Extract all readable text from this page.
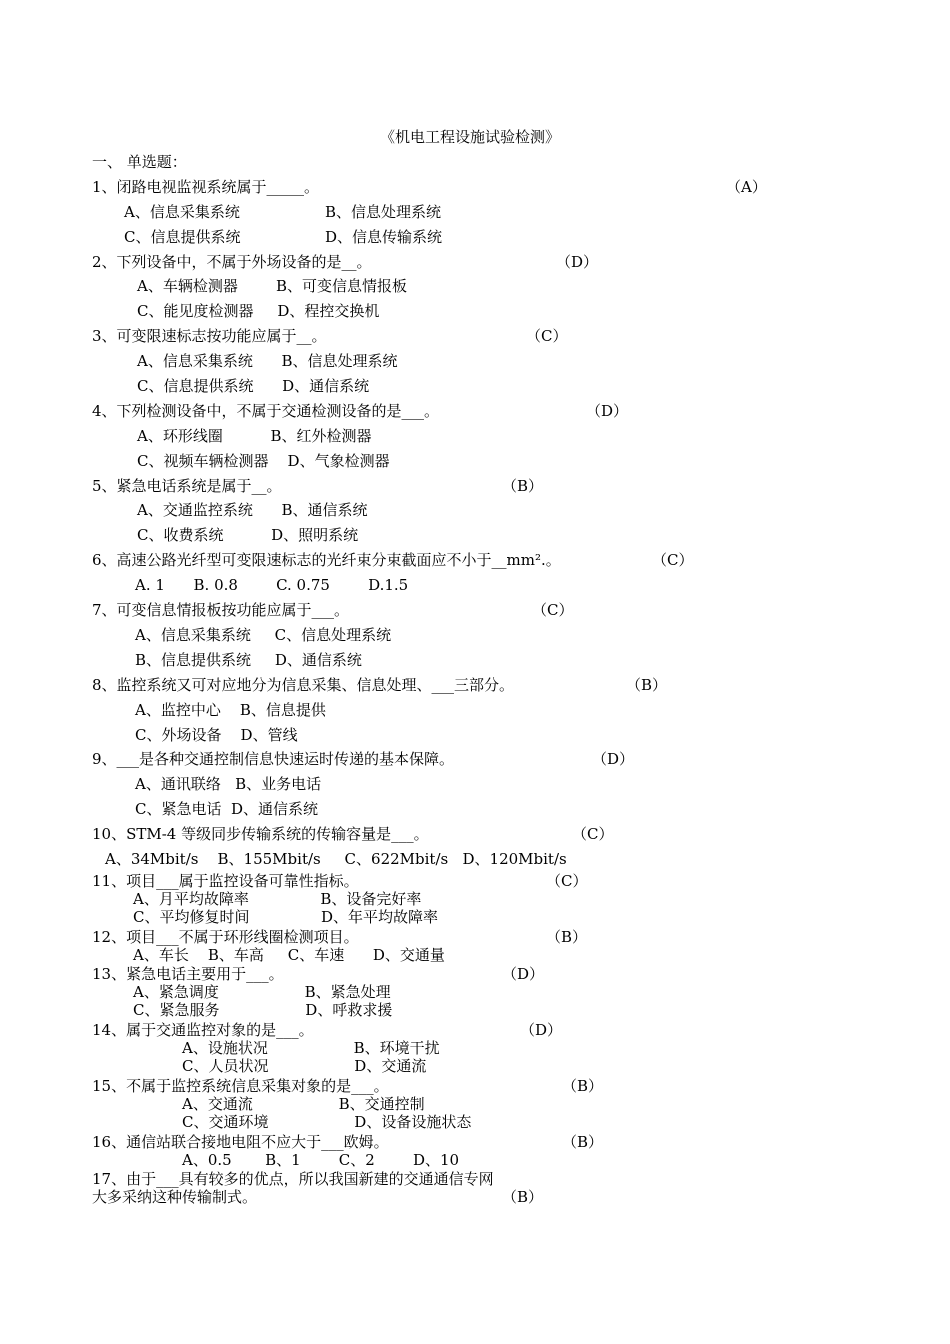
《机电工程设施试验检测》
一、 单选题：
1、闭路电视监视系统属于_____。	（A）
A、信息采集系统	B、信息处理系统
C、信息提供系统	D、信息传输系统
2、下列设备中，不属于外场设备的是__。	（D）
A、车辆检测器        B、可变信息情报板
C、能见度检测器     D、程控交换机
3、可变限速标志按功能应属于__。	（C）
A、信息采集系统      B、信息处理系统
C、信息提供系统      D、通信系统
4、下列检测设备中，不属于交通检测设备的是___。	（D）
A、环形线圈          B、红外检测器
C、视频车辆检测器    D、气象检测器
5、紧急电话系统是属于__。	（B）
A、交通监控系统      B、通信系统
C、收费系统          D、照明系统
6、高速公路光纤型可变限速标志的光纤束分束截面应不小于__mm².。	（C）
A. 1      B. 0.8        C. 0.75        D.1.5
7、可变信息情报板按功能应属于___。	（C）
A、信息采集系统     C、信息处理系统
B、信息提供系统     D、通信系统
8、监控系统又可对应地分为信息采集、信息处理、___三部分。	（B）
A、监控中心    B、信息提供
C、外场设备    D、管线
9、___是各种交通控制信息快速运时传递的基本保障。	（D）
A、通讯联络   B、业务电话
C、紧急电话  D、通信系统
10、STM-4 等级同步传输系统的传输容量是___。	（C）
A、34Mbit/s    B、155Mbit/s     C、622Mbit/s   D、120Mbit/s
11、项目___属于监控设备可靠性指标。	（C）
A、月平均故障率               B、设备完好率
C、平均修复时间               D、年平均故障率
12、项目___不属于环形线圈检测项目。	（B）
A、车长    B、车高     C、车速      D、交通量
13、紧急电话主要用于___。	（D）
A、紧急调度                  B、紧急处理
C、紧急服务                  D、呼救求援
14、属于交通监控对象的是___。	（D）
A、设施状况                  B、环境干扰
C、人员状况                  D、交通流
15、不属于监控系统信息采集对象的是___。	（B）
A、交通流                  B、交通控制
C、交通环境                  D、设备设施状态
16、通信站联合接地电阻不应大于___欧姆。	（B）
A、0.5       B、1        C、2        D、10
17、由于___具有较多的优点，所以我国新建的交通通信专网
大多采纳这种传输制式。	（B）
